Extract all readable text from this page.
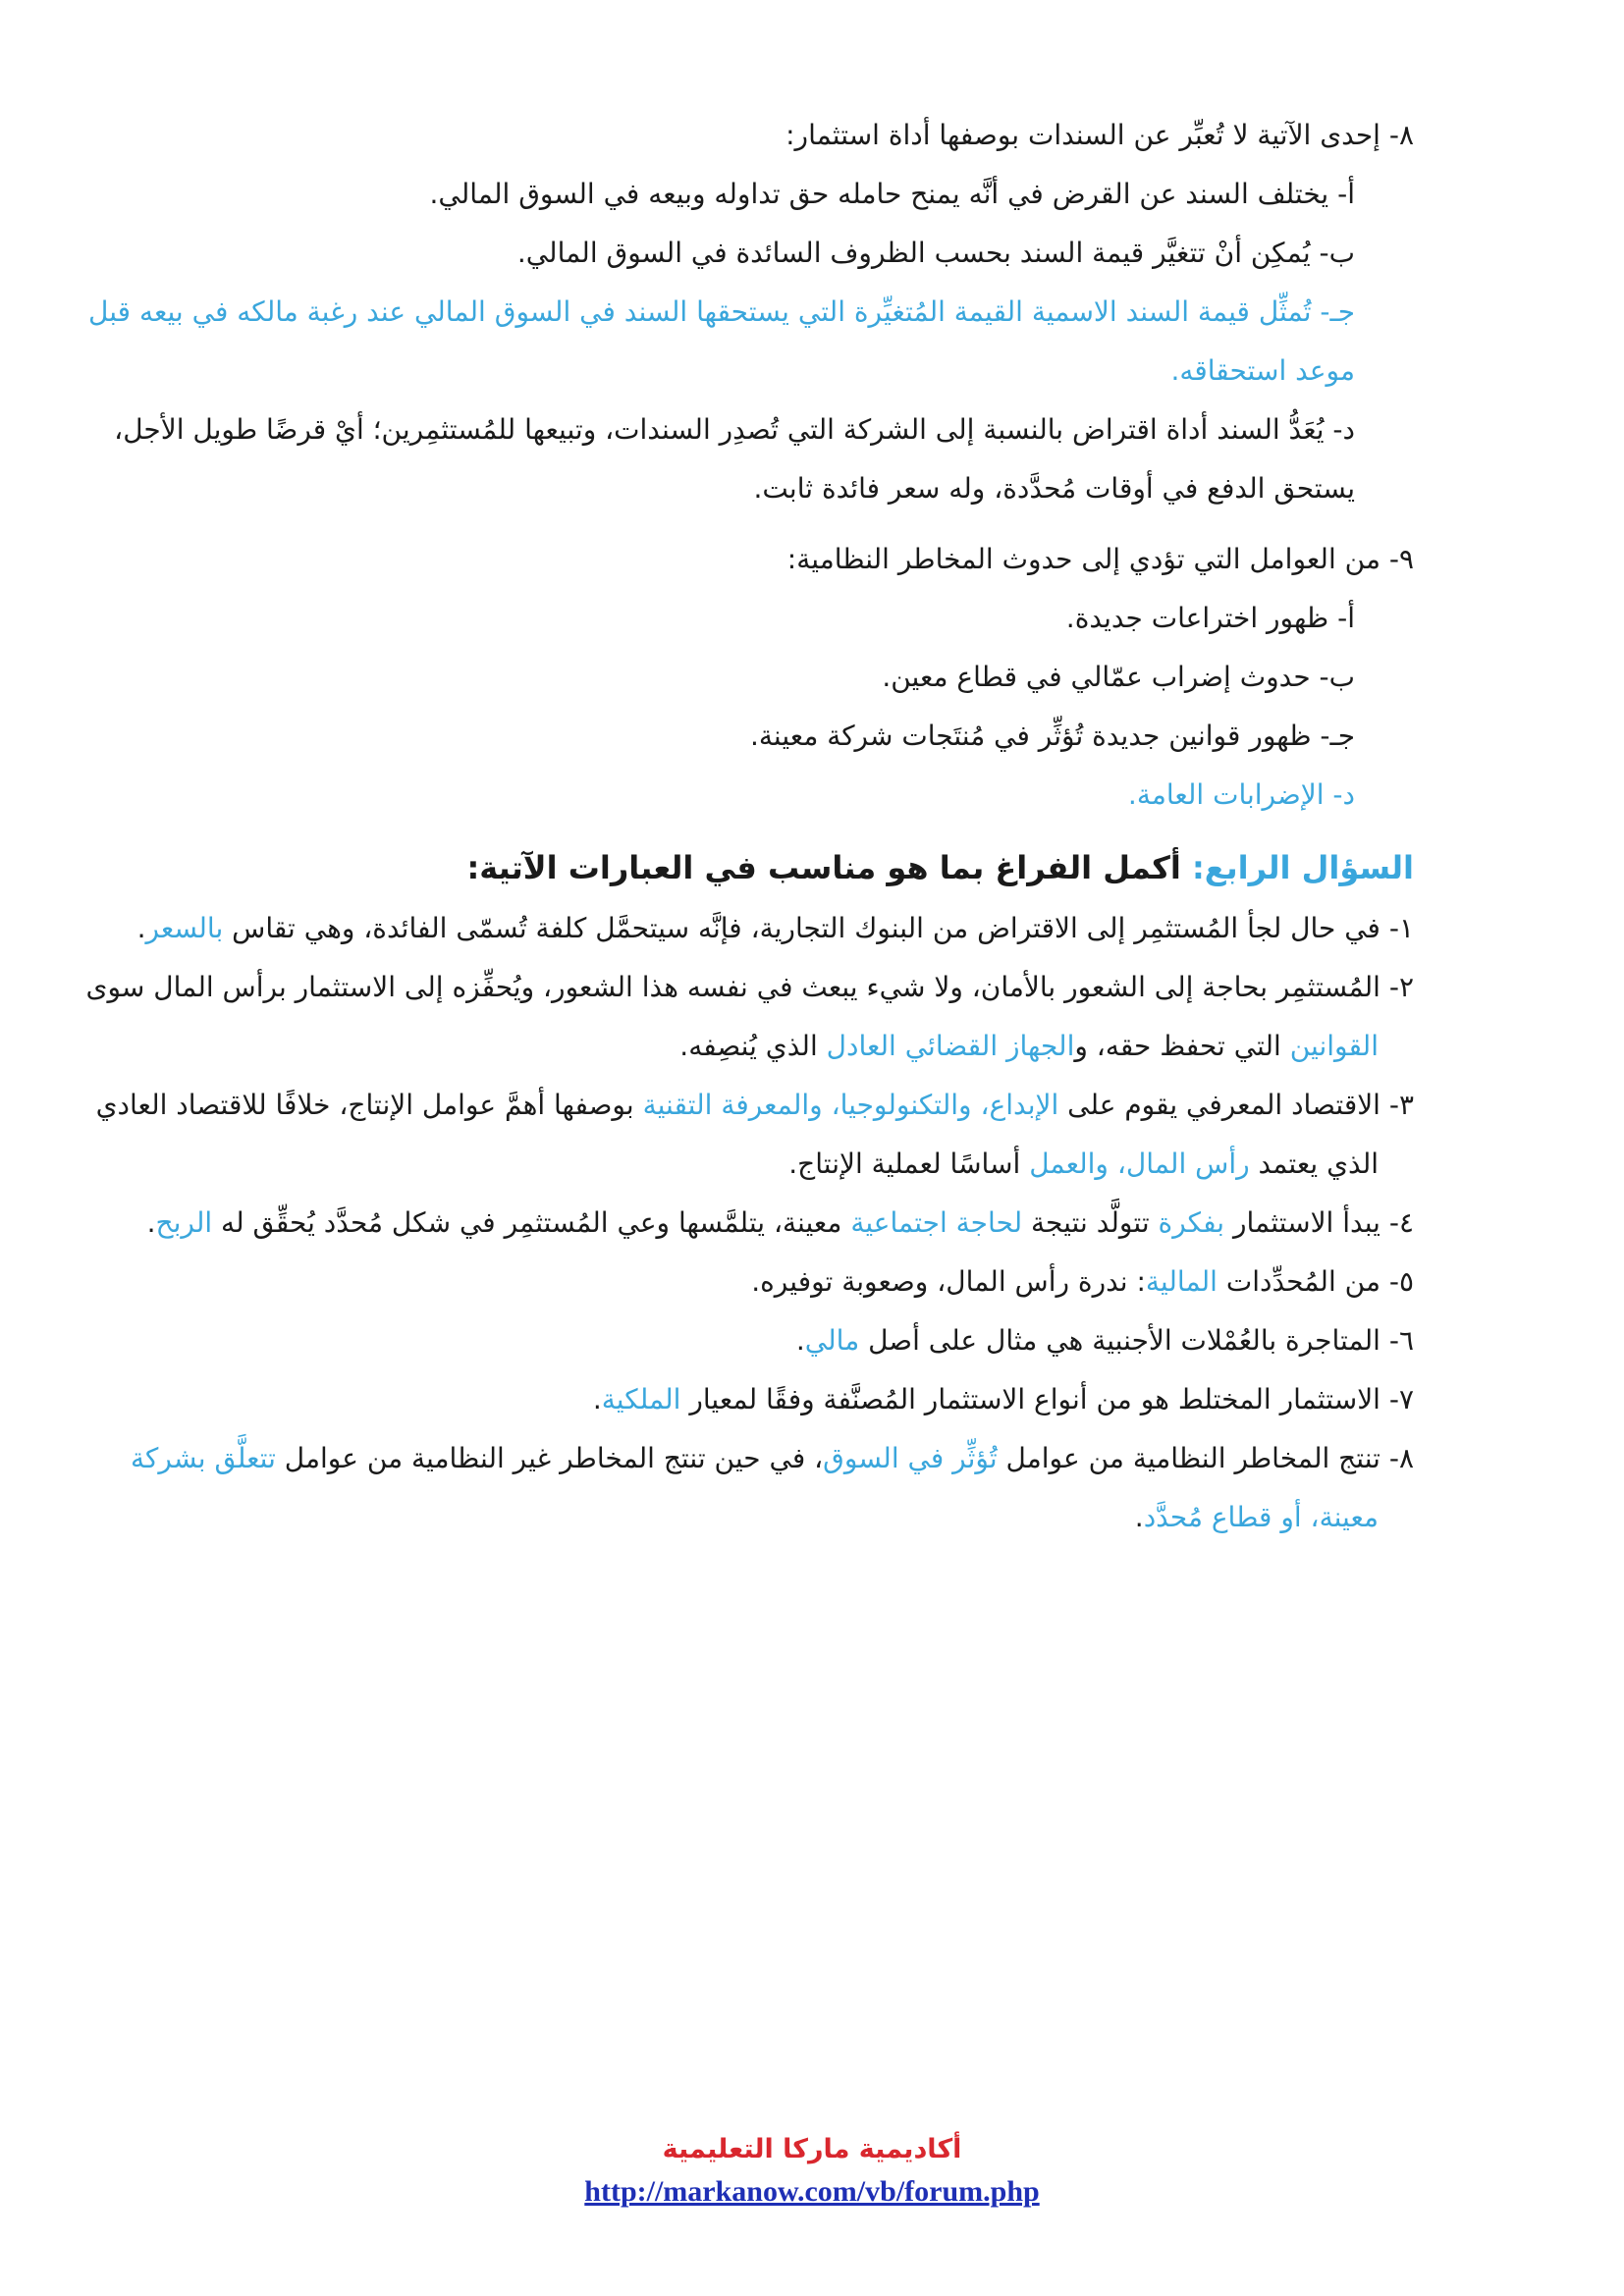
٨- إحدى الآتية لا تُعبِّر عن السندات بوصفها أداة استثمار:

أ- يختلف السند عن القرض في أنَّه يمنح حامله حق تداوله وبيعه في السوق المالي.

ب- يُمكِن أنْ تتغيَّر قيمة السند بحسب الظروف السائدة في السوق المالي.

جـ- تُمثِّل قيمة السند الاسمية القيمة المُتغيِّرة التي يستحقها السند في السوق المالي عند رغبة مالكه في بيعه قبل موعد استحقاقه.

د- يُعَدُّ السند أداة اقتراض بالنسبة إلى الشركة التي تُصدِر السندات، وتبيعها للمُستثمِرين؛ أيْ قرضًا طويل الأجل، يستحق الدفع في أوقات مُحدَّدة، وله سعر فائدة ثابت.

٩- من العوامل التي تؤدي إلى حدوث المخاطر النظامية:

أ- ظهور اختراعات جديدة.

ب- حدوث إضراب عمّالي في قطاع معين.

جـ- ظهور قوانين جديدة تُؤثِّر في مُنتَجات شركة معينة.

د- الإضرابات العامة.

السؤال الرابع: أكمل الفراغ بما هو مناسب في العبارات الآتية:

١- في حال لجأ المُستثمِر إلى الاقتراض من البنوك التجارية، فإنَّه سيتحمَّل كلفة تُسمّى الفائدة، وهي تقاس بالسعر.

٢- المُستثمِر بحاجة إلى الشعور بالأمان، ولا شيء يبعث في نفسه هذا الشعور، ويُحفِّزه إلى الاستثمار برأس المال سوى القوانين التي تحفظ حقه، والجهاز القضائي العادل الذي يُنصِفه.

٣- الاقتصاد المعرفي يقوم على الإبداع، والتكنولوجيا، والمعرفة التقنية بوصفها أهمَّ عوامل الإنتاج، خلافًا للاقتصاد العادي الذي يعتمد رأس المال، والعمل أساسًا لعملية الإنتاج.

٤- يبدأ الاستثمار بفكرة تتولَّد نتيجة لحاجة اجتماعية معينة، يتلمَّسها وعي المُستثمِر في شكل مُحدَّد يُحقِّق له الربح.

٥- من المُحدِّدات المالية: ندرة رأس المال، وصعوبة توفيره.

٦- المتاجرة بالعُمْلات الأجنبية هي مثال على أصل مالي.

٧- الاستثمار المختلط هو من أنواع الاستثمار المُصنَّفة وفقًا لمعيار الملكية.

٨- تنتج المخاطر النظامية من عوامل تُؤثِّر في السوق، في حين تنتج المخاطر غير النظامية من عوامل تتعلَّق بشركة معينة، أو قطاع مُحدَّد.

أكاديمية ماركا التعليمية
http://markanow.com/vb/forum.php
